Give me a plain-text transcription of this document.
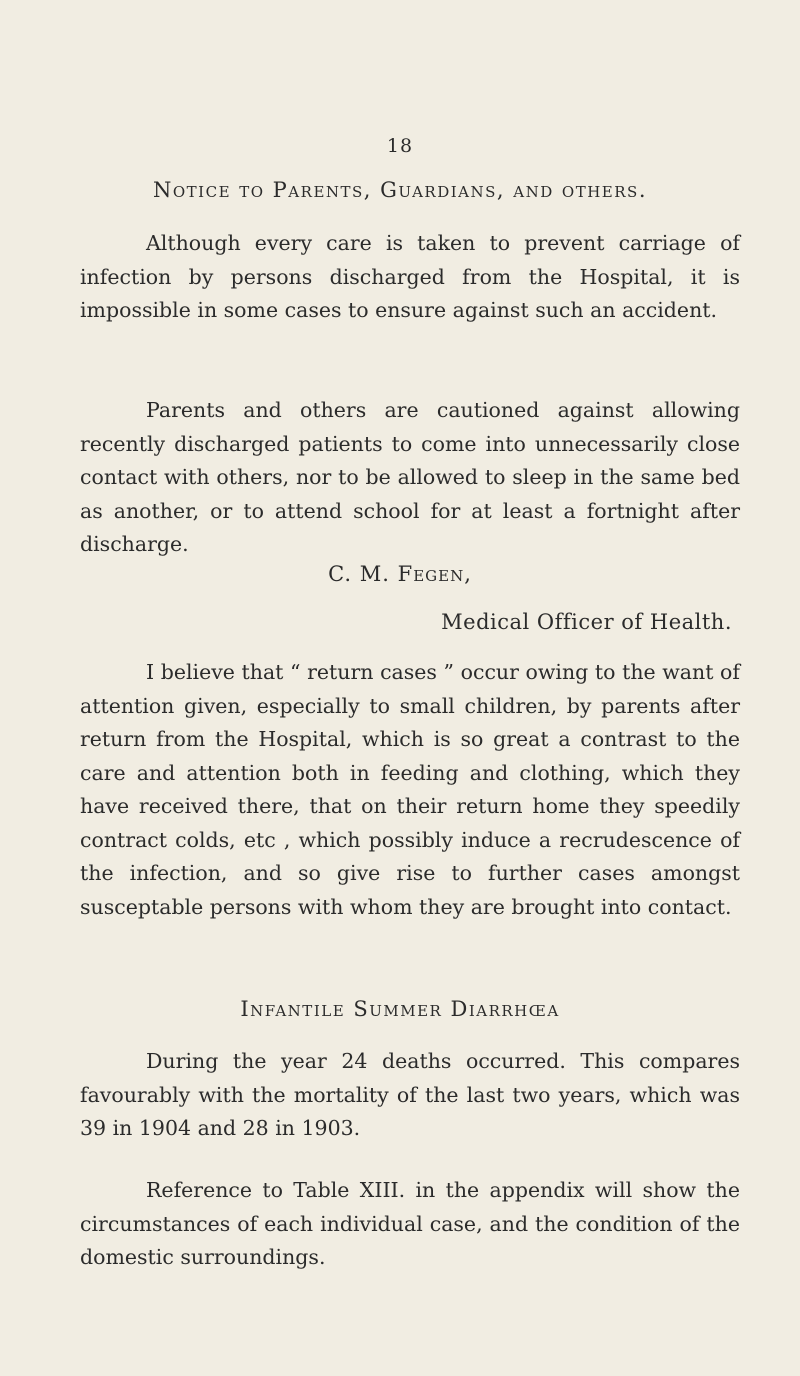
18
Notice to Parents, Guardians, and others.

Although every care is taken to prevent carriage of infection by persons discharged from the Hospital, it is impossible in some cases to ensure against such an accident.

Parents and others are cautioned against allowing recently discharged patients to come into unnecessarily close contact with others, nor to be allowed to sleep in the same bed as another, or to attend school for at least a fortnight after discharge.

C. M. Fegen,
Medical Officer of Health.

I believe that “ return cases ” occur owing to the want of attention given, especially to small children, by parents after return from the Hospital, which is so great a contrast to the care and attention both in feeding and clothing, which they have received there, that on their return home they speedily contract colds, etc , which possibly induce a recrudescence of the infection, and so give rise to further cases amongst susceptable persons with whom they are brought into contact.

Infantile Summer Diarrhœa

During the year 24 deaths occurred. This compares favourably with the mortality of the last two years, which was 39 in 1904 and 28 in 1903.

Reference to Table XIII. in the appendix will show the circumstances of each individual case, and the condition of the domestic surroundings.
